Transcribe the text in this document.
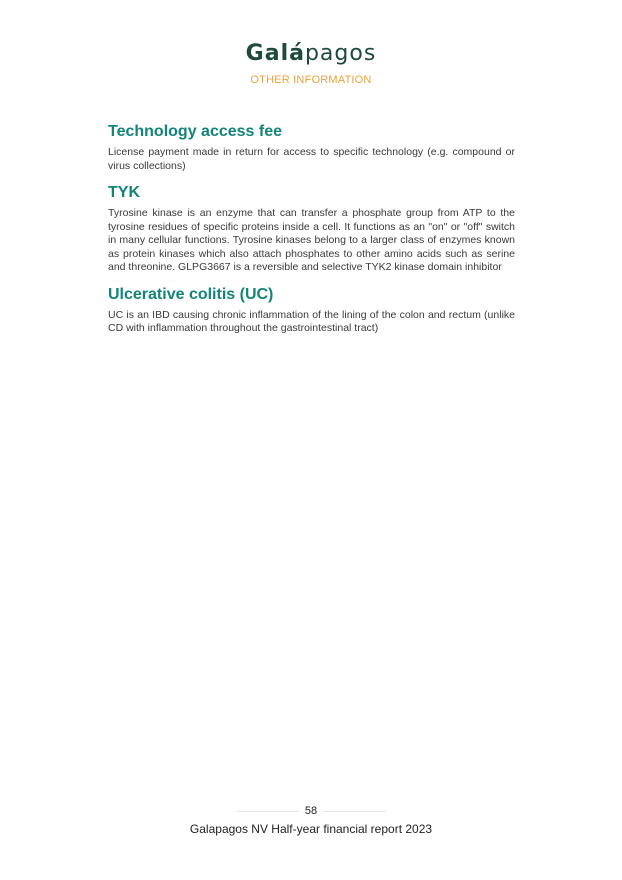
Galápagos
OTHER INFORMATION
Technology access fee

License payment made in return for access to specific technology (e.g. compound or virus collections)

TYK

Tyrosine kinase is an enzyme that can transfer a phosphate group from ATP to the tyrosine residues of specific proteins inside a cell. It functions as an "on" or "off" switch in many cellular functions. Tyrosine kinases belong to a larger class of enzymes known as protein kinases which also attach phosphates to other amino acids such as serine and threonine. GLPG3667 is a reversible and selective TYK2 kinase domain inhibitor

Ulcerative colitis (UC)

UC is an IBD causing chronic inflammation of the lining of the colon and rectum (unlike CD with inflammation throughout the gastrointestinal tract)

58
Galapagos NV Half-year financial report 2023
